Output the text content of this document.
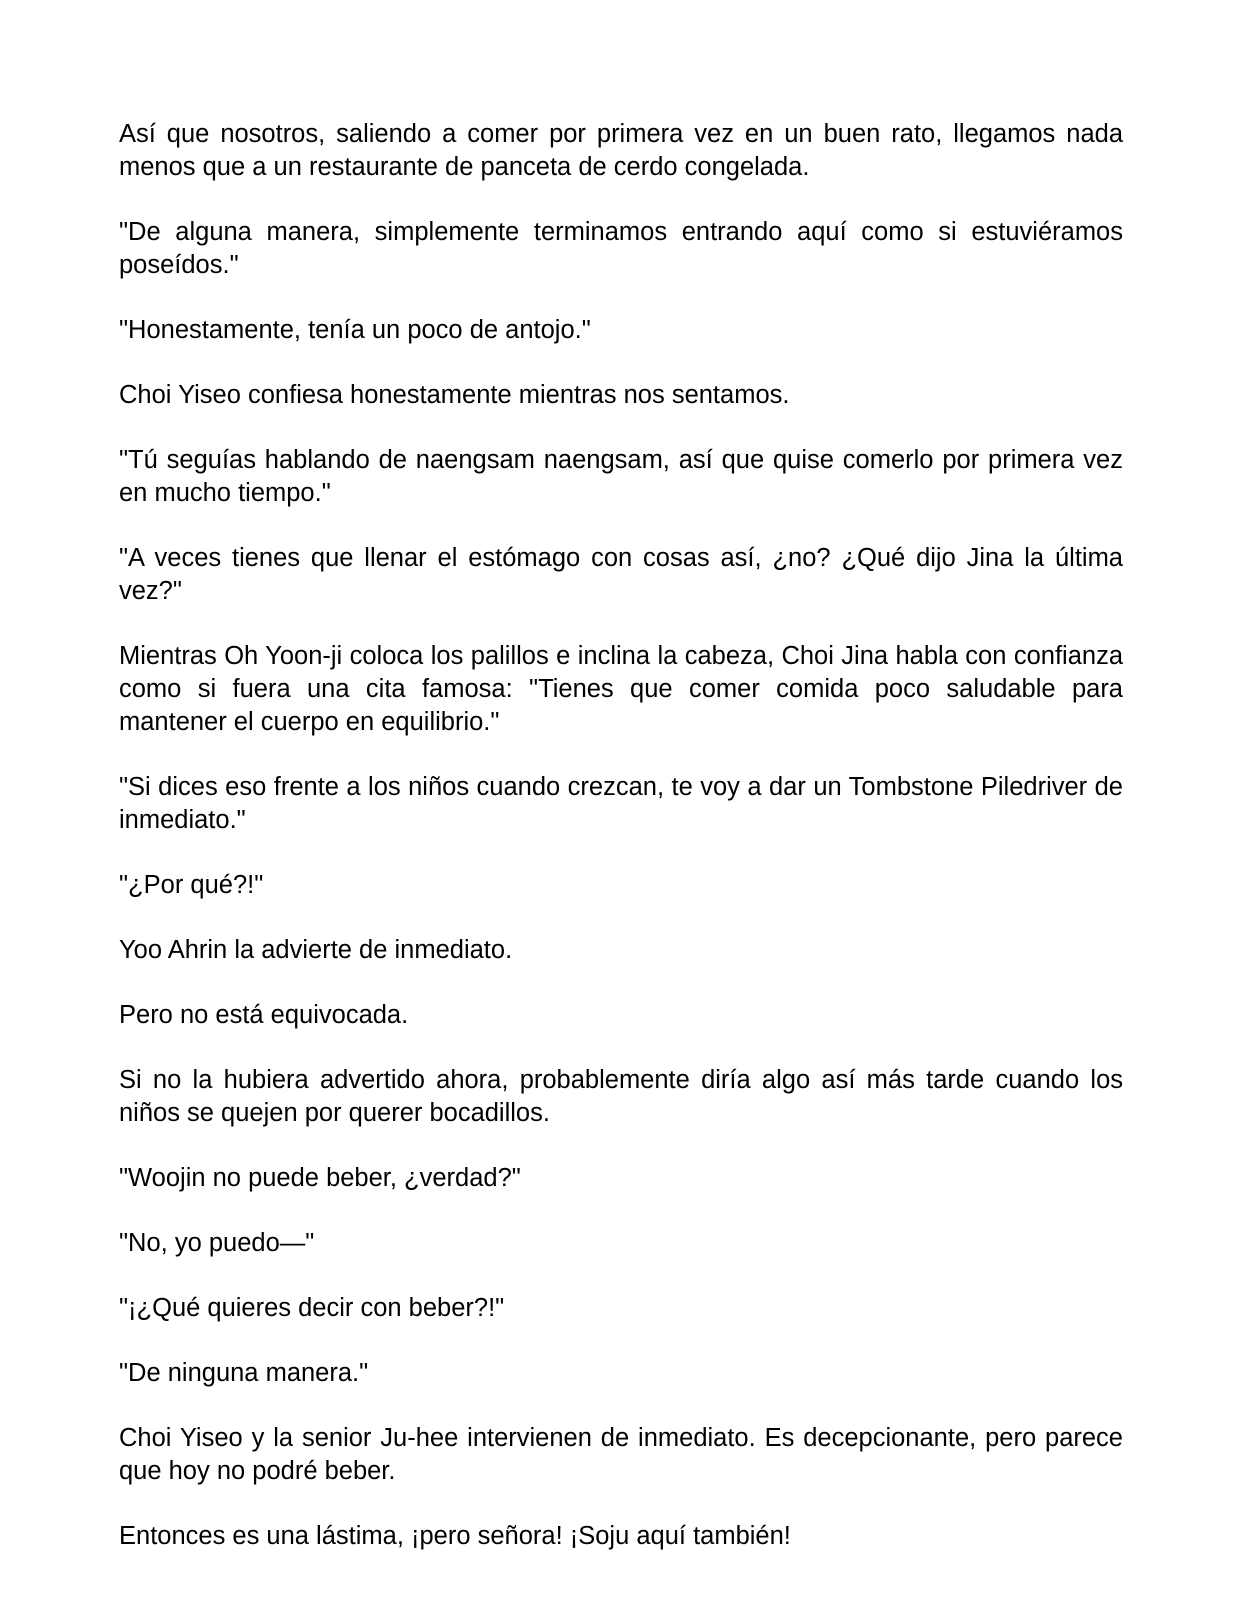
Así que nosotros, saliendo a comer por primera vez en un buen rato, llegamos nada menos que a un restaurante de panceta de cerdo congelada.

"De alguna manera, simplemente terminamos entrando aquí como si estuviéramos poseídos."

"Honestamente, tenía un poco de antojo."

Choi Yiseo confiesa honestamente mientras nos sentamos.

"Tú seguías hablando de naengsam naengsam, así que quise comerlo por primera vez en mucho tiempo."

"A veces tienes que llenar el estómago con cosas así, ¿no? ¿Qué dijo Jina la última vez?"

Mientras Oh Yoon-ji coloca los palillos e inclina la cabeza, Choi Jina habla con confianza como si fuera una cita famosa: "Tienes que comer comida poco saludable para mantener el cuerpo en equilibrio."

"Si dices eso frente a los niños cuando crezcan, te voy a dar un Tombstone Piledriver de inmediato."

"¿Por qué?!"

Yoo Ahrin la advierte de inmediato.

Pero no está equivocada.

Si no la hubiera advertido ahora, probablemente diría algo así más tarde cuando los niños se quejen por querer bocadillos.

"Woojin no puede beber, ¿verdad?"

"No, yo puedo—"

"¡¿Qué quieres decir con beber?!"

"De ninguna manera."

Choi Yiseo y la senior Ju-hee intervienen de inmediato. Es decepcionante, pero parece que hoy no podré beber.

Entonces es una lástima, ¡pero señora! ¡Soju aquí también!
